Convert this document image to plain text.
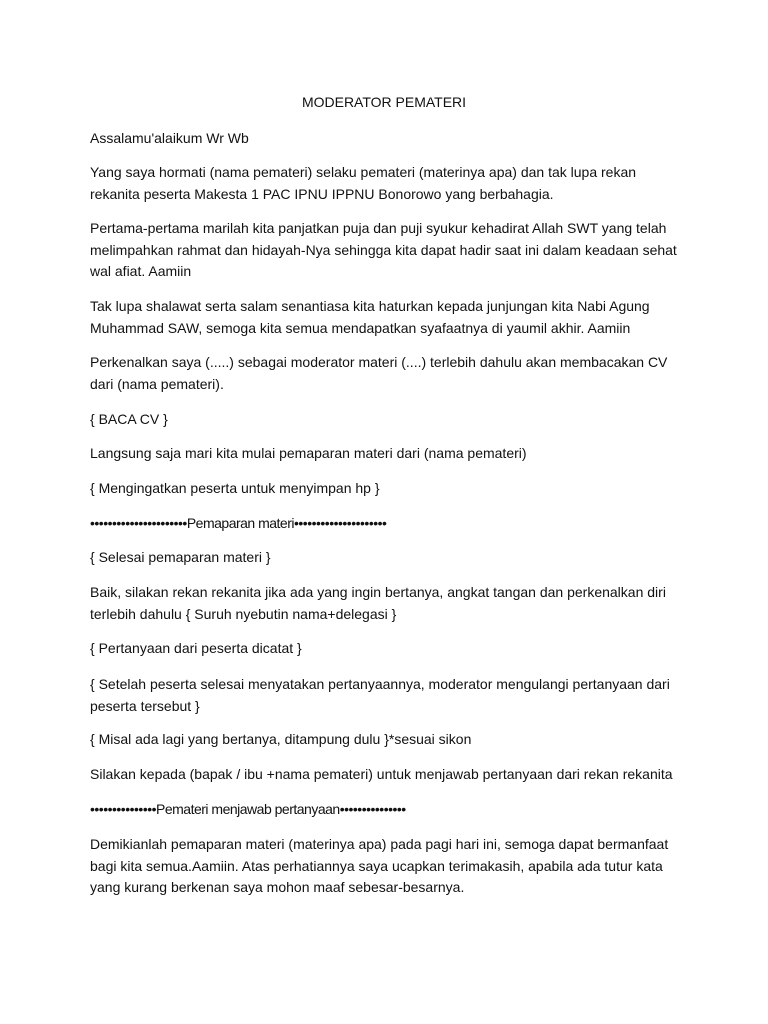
MODERATOR PEMATERI

Assalamu'alaikum Wr Wb

Yang saya hormati (nama pemateri) selaku pemateri (materinya apa) dan tak lupa rekan
rekanita peserta Makesta 1 PAC IPNU IPPNU Bonorowo yang berbahagia.

Pertama-pertama marilah kita panjatkan puja dan puji syukur kehadirat Allah SWT yang telah
melimpahkan rahmat dan hidayah-Nya sehingga kita dapat hadir saat ini dalam keadaan sehat
wal afiat. Aamiin

Tak lupa shalawat serta salam senantiasa kita haturkan kepada junjungan kita Nabi Agung
Muhammad SAW, semoga kita semua mendapatkan syafaatnya di yaumil akhir. Aamiin

Perkenalkan saya (.....) sebagai moderator materi (....) terlebih dahulu akan membacakan CV
dari (nama pemateri).

{ BACA CV }

Langsung saja mari kita mulai pemaparan materi dari (nama pemateri)

{ Mengingatkan peserta untuk menyimpan hp }

••••••••••••••••••••••Pemaparan materi•••••••••••••••••••••

{ Selesai pemaparan materi }

Baik, silakan rekan rekanita jika ada yang ingin bertanya, angkat tangan dan perkenalkan diri
terlebih dahulu { Suruh nyebutin nama+delegasi }

{ Pertanyaan dari peserta dicatat }

{ Setelah peserta selesai menyatakan pertanyaannya, moderator mengulangi pertanyaan dari
peserta tersebut }

{ Misal ada lagi yang bertanya, ditampung dulu }*sesuai sikon

Silakan kepada (bapak / ibu +nama pemateri) untuk menjawab pertanyaan dari rekan rekanita

•••••••••••••••Pemateri menjawab pertanyaan•••••••••••••••

Demikianlah pemaparan materi (materinya apa) pada pagi hari ini, semoga dapat bermanfaat
bagi kita semua.Aamiin. Atas perhatiannya saya ucapkan terimakasih, apabila ada tutur kata
yang kurang berkenan saya mohon maaf sebesar-besarnya.
